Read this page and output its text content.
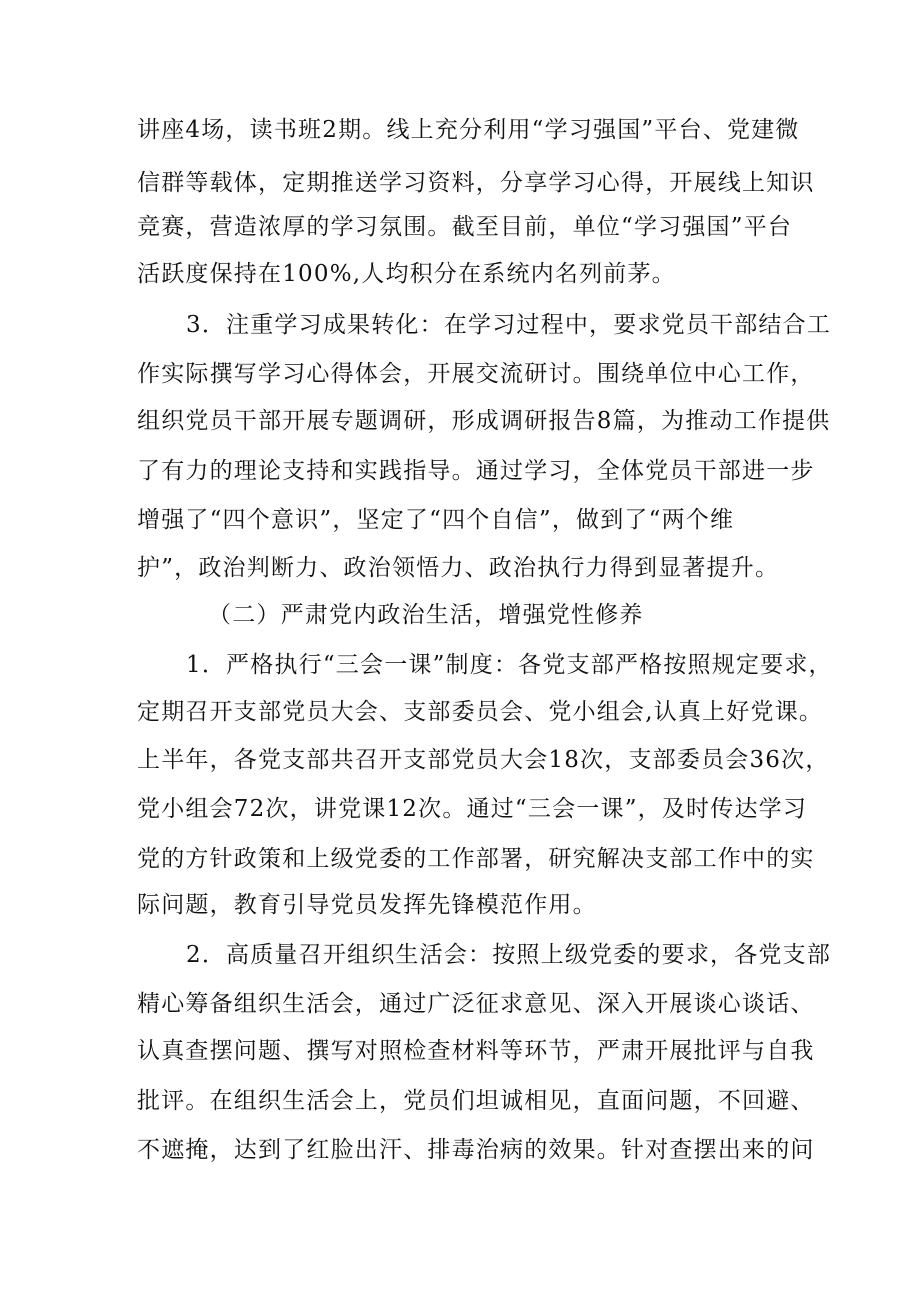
讲座4场，读书班2期。线上充分利用“学习强国”平台、党建微
信群等载体，定期推送学习资料，分享学习心得，开展线上知识
竞赛，营造浓厚的学习氛围。截至目前，单位“学习强国”平台
活跃度保持在100%,人均积分在系统内名列前茅。
3．注重学习成果转化：在学习过程中，要求党员干部结合工
作实际撰写学习心得体会，开展交流研讨。围绕单位中心工作，
组织党员干部开展专题调研，形成调研报告8篇，为推动工作提供
了有力的理论支持和实践指导。通过学习，全体党员干部进一步
增强了“四个意识”，坚定了“四个自信”，做到了“两个维
护”，政治判断力、政治领悟力、政治执行力得到显著提升。
（二）严肃党内政治生活，增强党性修养
1．严格执行“三会一课”制度：各党支部严格按照规定要求，
定期召开支部党员大会、支部委员会、党小组会,认真上好党课。
上半年，各党支部共召开支部党员大会18次，支部委员会36次，
党小组会72次，讲党课12次。通过“三会一课”，及时传达学习
党的方针政策和上级党委的工作部署，研究解决支部工作中的实
际问题，教育引导党员发挥先锋模范作用。
2．高质量召开组织生活会：按照上级党委的要求，各党支部
精心筹备组织生活会，通过广泛征求意见、深入开展谈心谈话、
认真查摆问题、撰写对照检查材料等环节，严肃开展批评与自我
批评。在组织生活会上，党员们坦诚相见，直面问题，不回避、
不遮掩，达到了红脸出汗、排毒治病的效果。针对查摆出来的问
